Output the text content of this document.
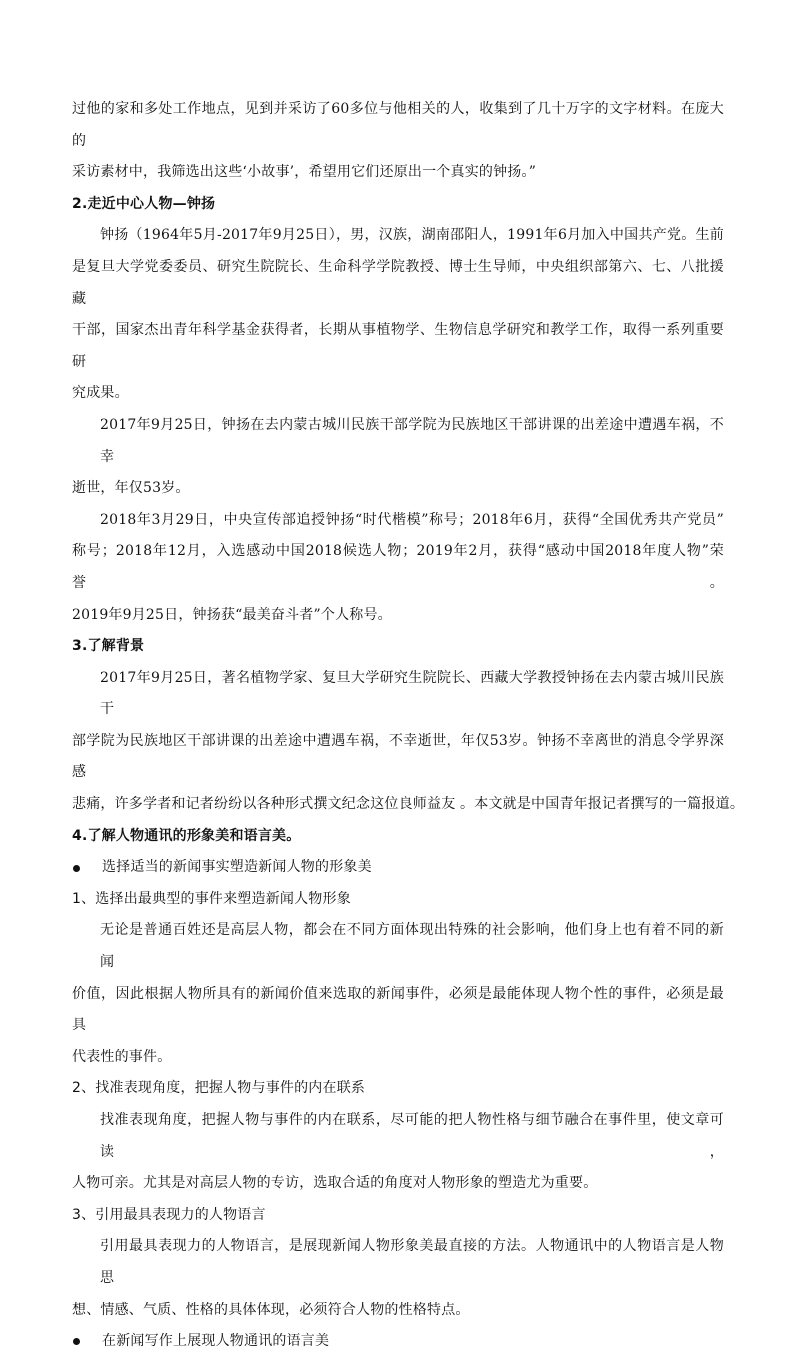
过他的家和多处工作地点，见到并采访了60多位与他相关的人，收集到了几十万字的文字材料。在庞大的
采访素材中，我筛选出这些‘小故事’，希望用它们还原出一个真实的钟扬。”
2.走近中心人物—钟扬
钟扬（1964年5月-2017年9月25日），男，汉族，湖南邵阳人，1991年6月加入中国共产党。生前
是复旦大学党委委员、研究生院院长、生命科学学院教授、博士生导师，中央组织部第六、七、八批援藏
干部，国家杰出青年科学基金获得者，长期从事植物学、生物信息学研究和教学工作，取得一系列重要研
究成果。
2017年9月25日，钟扬在去内蒙古城川民族干部学院为民族地区干部讲课的出差途中遭遇车祸，不幸
逝世，年仅53岁。
2018年3月29日，中央宣传部追授钟扬“时代楷模”称号；2018年6月，获得“全国优秀共产党员”
称号；2018年12月，入选感动中国2018候选人物；2019年2月，获得“感动中国2018年度人物”荣誉。
2019年9月25日，钟扬获“最美奋斗者”个人称号。
3.了解背景
2017年9月25日，著名植物学家、复旦大学研究生院院长、西藏大学教授钟扬在去内蒙古城川民族干
部学院为民族地区干部讲课的出差途中遭遇车祸，不幸逝世，年仅53岁。钟扬不幸离世的消息令学界深感
悲痛，许多学者和记者纷纷以各种形式撰文纪念这位良师益友 。本文就是中国青年报记者撰写的一篇报道。
4.了解人物通讯的形象美和语言美。
选择适当的新闻事实塑造新闻人物的形象美
1、选择出最典型的事件来塑造新闻人物形象
无论是普通百姓还是高层人物，都会在不同方面体现出特殊的社会影响，他们身上也有着不同的新闻
价值，因此根据人物所具有的新闻价值来选取的新闻事件，必须是最能体现人物个性的事件，必须是最具
代表性的事件。
2、找准表现角度，把握人物与事件的内在联系
找准表现角度，把握人物与事件的内在联系，尽可能的把人物性格与细节融合在事件里，使文章可读，
人物可亲。尤其是对高层人物的专访，选取合适的角度对人物形象的塑造尤为重要。
3、引用最具表现力的人物语言
引用最具表现力的人物语言，是展现新闻人物形象美最直接的方法。人物通讯中的人物语言是人物思
想、情感、气质、性格的具体体现，必须符合人物的性格特点。
在新闻写作上展现人物通讯的语言美
